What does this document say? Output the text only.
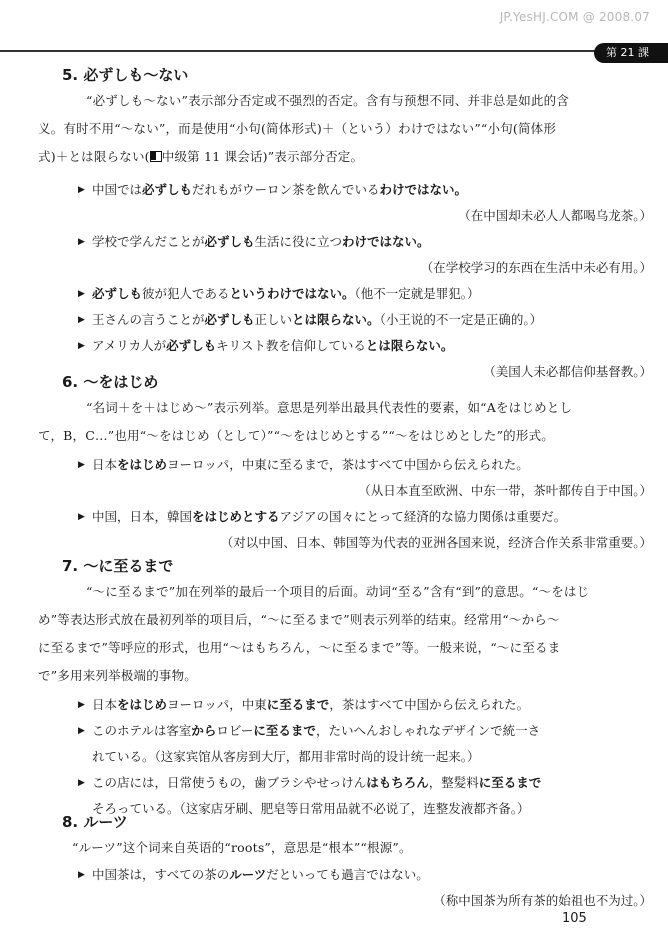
JP.YesHJ.COM @ 2008.07
第 21 課
5. 必ずしも～ない

“必ずしも～ない”表示部分否定或不强烈的否定。含有与预想不同、并非总是如此的含
义。有时不用“～ない”，而是使用“小句(简体形式)＋（という）わけではない”“小句(简体形
式)＋とは限らない( 中级第 11 课会话)”表示部分否定。

▶ 中国では必ずしもだれもがウーロン茶を飲んでいるわけではない。

（在中国却未必人人都喝乌龙茶。）

▶ 学校で学んだことが必ずしも生活に役に立つわけではない。

（在学校学习的东西在生活中未必有用。）

▶ 必ずしも彼が犯人であるというわけではない。（他不一定就是罪犯。）

▶ 王さんの言うことが必ずしも正しいとは限らない。（小王说的不一定是正确的。）

▶ アメリカ人が必ずしもキリスト教を信仰しているとは限らない。

（美国人未必都信仰基督教。）

6. ～をはじめ

“名词＋を＋はじめ～”表示列举。意思是列举出最具代表性的要素，如“Aをはじめとし
て，B，C…”也用“～をはじめ（として）”“～をはじめとする”“～をはじめとした”的形式。

▶ 日本をはじめヨーロッパ，中東に至るまで，茶はすべて中国から伝えられた。

（从日本直至欧洲、中东一带，茶叶都传自于中国。）

▶ 中国，日本，韓国をはじめとするアジアの国々にとって経済的な協力関係は重要だ。

（对以中国、日本、韩国等为代表的亚洲各国来说，经济合作关系非常重要。）

7. ～に至るまで

“～に至るまで”加在列举的最后一个项目的后面。动词“至る”含有“到”的意思。“～をはじ
め”等表达形式放在最初列举的项目后，“～に至るまで”则表示列举的结束。经常用“～から～
に至るまで”等呼应的形式，也用“～はもちろん，～に至るまで”等。一般来说，“～に至るま
で”多用来列举极端的事物。

▶ 日本をはじめヨーロッパ，中東に至るまで，茶はすべて中国から伝えられた。

▶ このホテルは客室からロビーに至るまで，たいへんおしゃれなデザインで統一さ

れている。（这家宾馆从客房到大厅，都用非常时尚的设计统一起来。）

▶ この店には，日常使うもの，歯ブラシやせっけんはもちろん，整髪料に至るまで

そろっている。（这家店牙刷、肥皂等日常用品就不必说了，连整发液都齐备。）

8. ルーツ

“ルーツ”这个词来自英语的“roots”，意思是“根本”“根源”。

▶ 中国茶は，すべての茶のルーツだといっても過言ではない。

（称中国茶为所有茶的始祖也不为过。）

105
